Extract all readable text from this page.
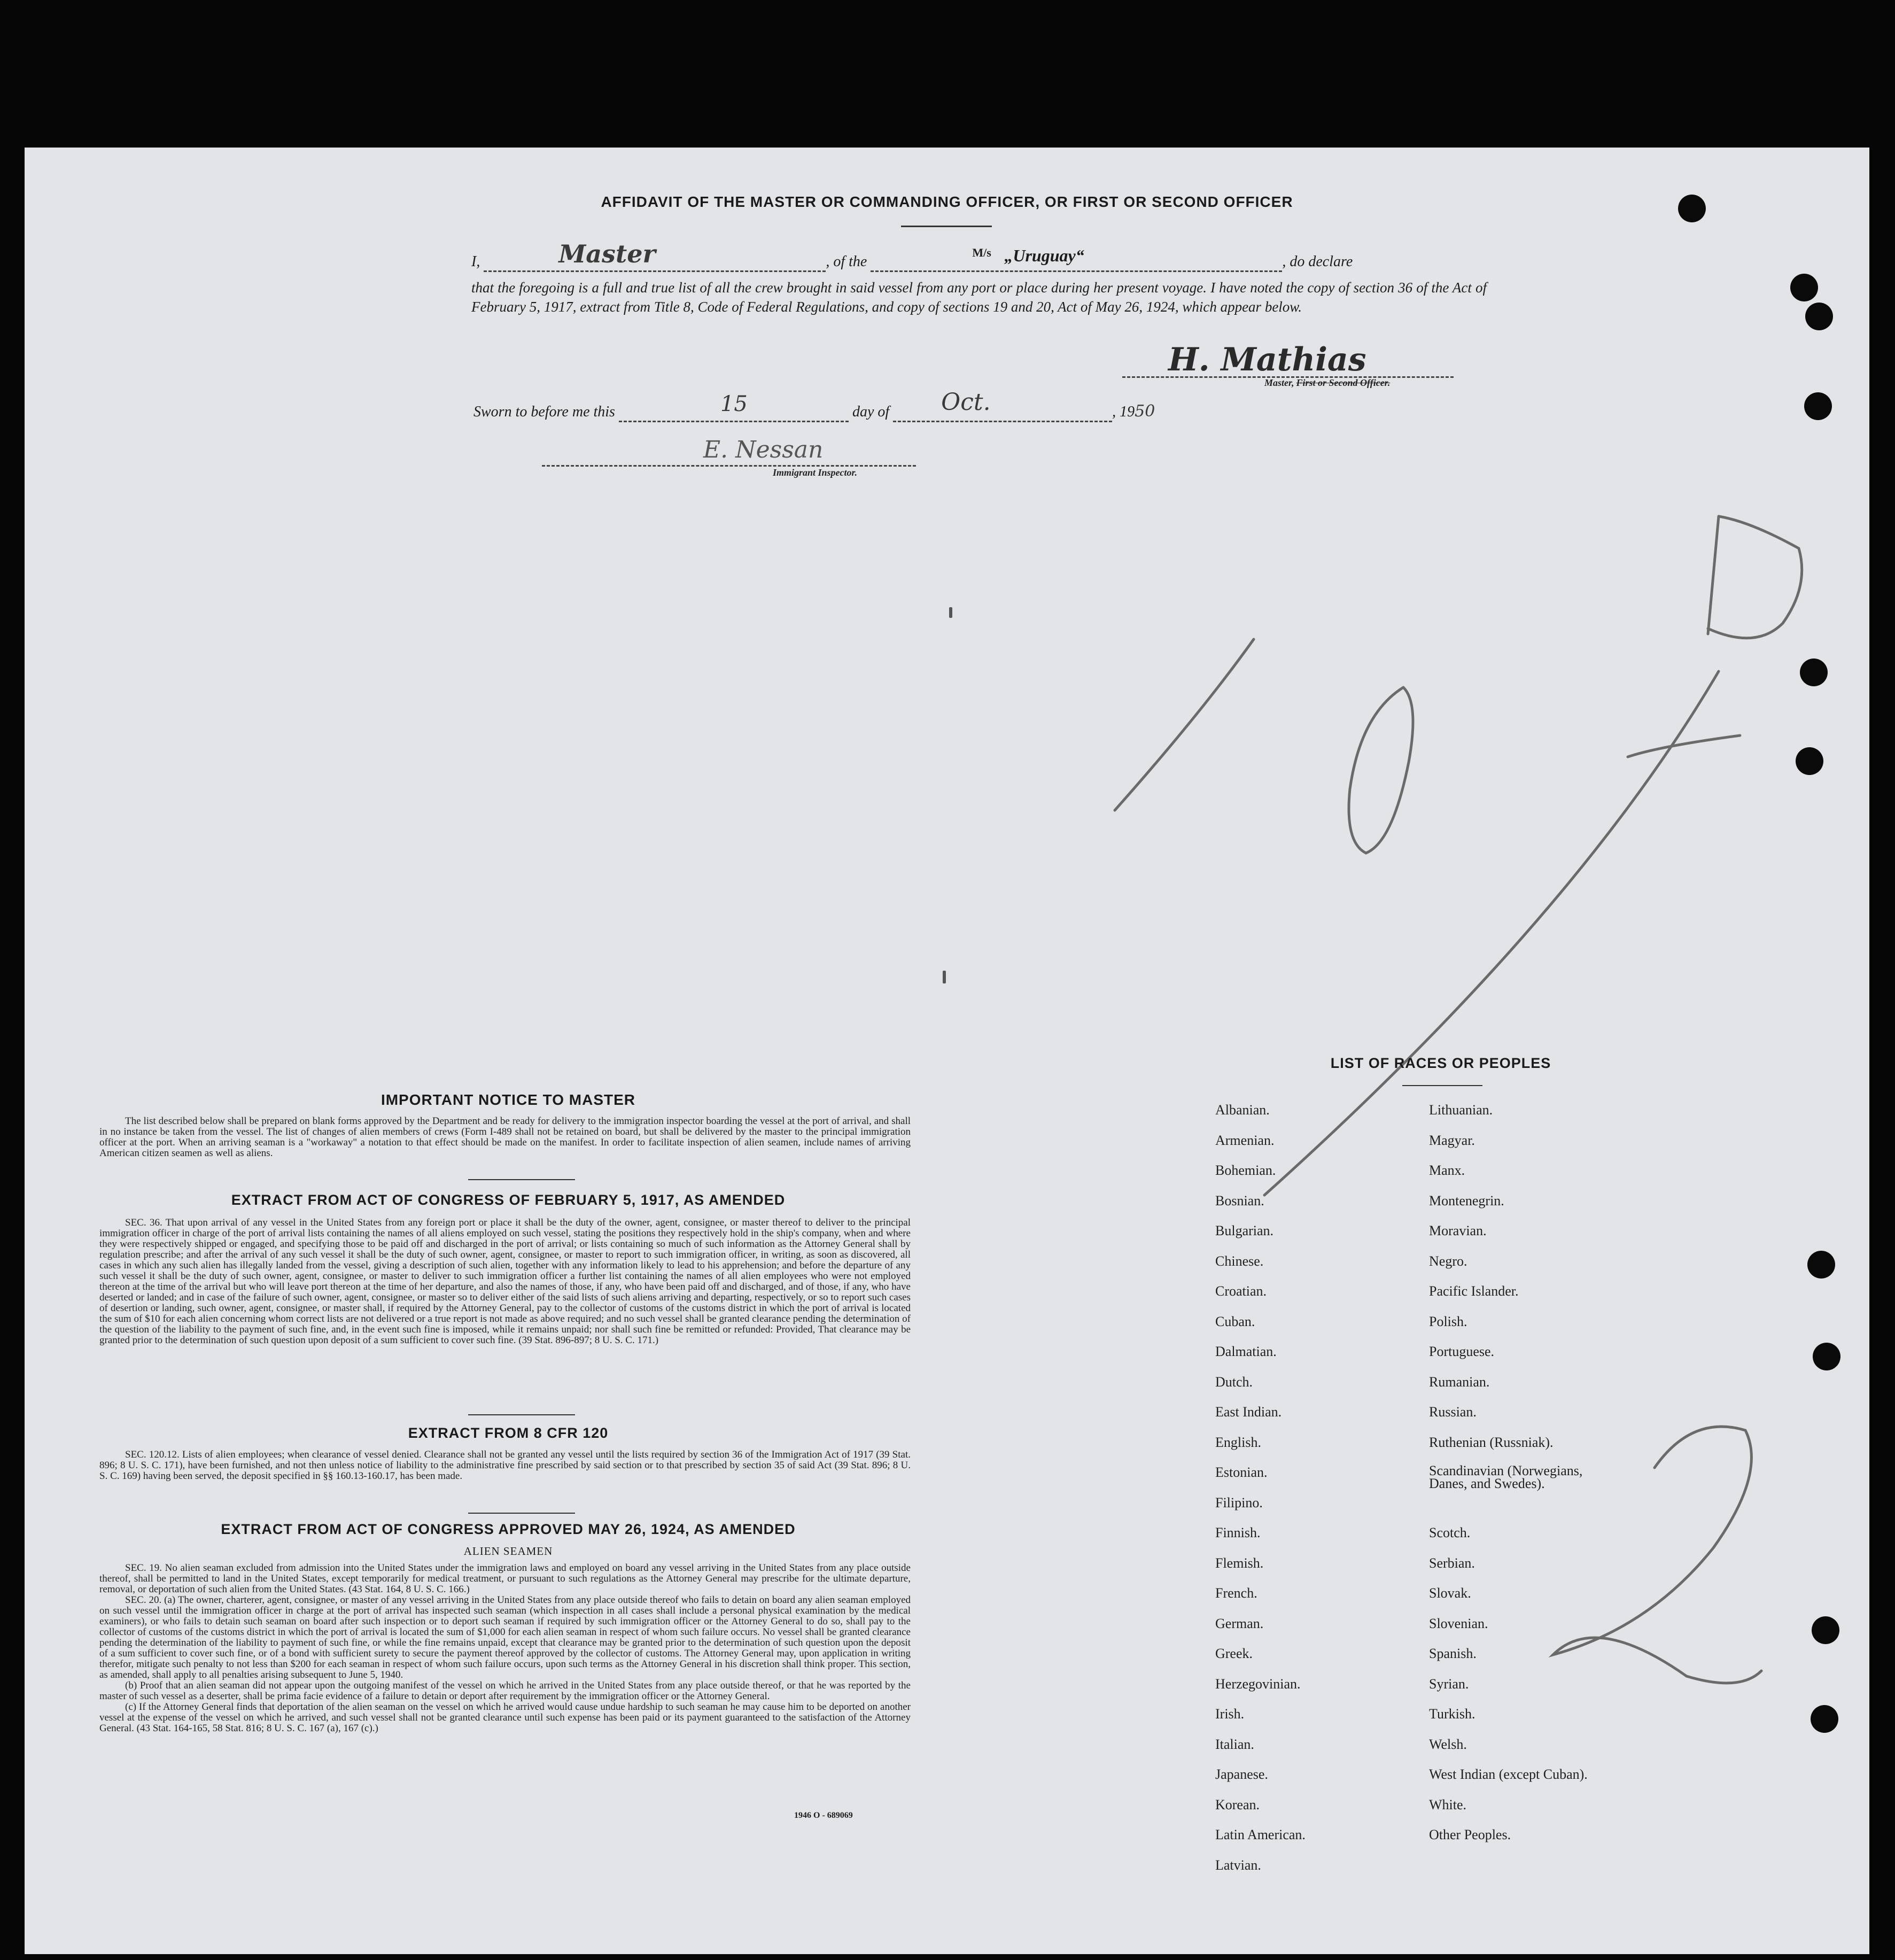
AFFIDAVIT OF THE MASTER OR COMMANDING OFFICER, OR FIRST OR SECOND OFFICER
I,	Master	, of the
M/s „Uruguay“	, do declare
that the foregoing is a full and true list of all the crew brought in said vessel from any port or place during her present voyage. I have noted the copy of section 36 of the Act of February 5, 1917, extract from Title 8, Code of Federal Regulations, and copy of sections 19 and 20, Act of May 26, 1924, which appear below.
H. Mathias
Master, First or Second Officer.
Sworn to before me this	15	day of Oct.	, 1950
E. Nessan
Immigrant Inspector.
IMPORTANT NOTICE TO MASTER

The list described below shall be prepared on blank forms approved by the Department and be ready for delivery to the immigration inspector boarding the vessel at the port of arrival, and shall in no instance be taken from the vessel. The list of changes of alien members of crews (Form I-489 shall not be retained on board, but shall be delivered by the master to the principal immigration officer at the port. When an arriving seaman is a "workaway" a notation to that effect should be made on the manifest. In order to facilitate inspection of alien seamen, include names of arriving American citizen seamen as well as aliens.

EXTRACT FROM ACT OF CONGRESS OF FEBRUARY 5, 1917, AS AMENDED

SEC. 36. That upon arrival of any vessel in the United States from any foreign port or place it shall be the duty of the owner, agent, consignee, or master thereof to deliver to the principal immigration officer in charge of the port of arrival lists containing the names of all aliens employed on such vessel, stating the positions they respectively hold in the ship's company, when and where they were respectively shipped or engaged, and specifying those to be paid off and discharged in the port of arrival; or lists containing so much of such information as the Attorney General shall by regulation prescribe; and after the arrival of any such vessel it shall be the duty of such owner, agent, consignee, or master to report to such immigration officer, in writing, as soon as discovered, all cases in which any such alien has illegally landed from the vessel, giving a description of such alien, together with any information likely to lead to his apprehension; and before the departure of any such vessel it shall be the duty of such owner, agent, consignee, or master to deliver to such immigration officer a further list containing the names of all alien employees who were not employed thereon at the time of the arrival but who will leave port thereon at the time of her departure, and also the names of those, if any, who have been paid off and discharged, and of those, if any, who have deserted or landed; and in case of the failure of such owner, agent, consignee, or master so to deliver either of the said lists of such aliens arriving and departing, respectively, or so to report such cases of desertion or landing, such owner, agent, consignee, or master shall, if required by the Attorney General, pay to the collector of customs of the customs district in which the port of arrival is located the sum of $10 for each alien concerning whom correct lists are not delivered or a true report is not made as above required; and no such vessel shall be granted clearance pending the determination of the question of the liability to the payment of such fine, and, in the event such fine is imposed, while it remains unpaid; nor shall such fine be remitted or refunded: Provided, That clearance may be granted prior to the determination of such question upon deposit of a sum sufficient to cover such fine. (39 Stat. 896-897; 8 U. S. C. 171.)

EXTRACT FROM 8 CFR 120

SEC. 120.12. Lists of alien employees; when clearance of vessel denied. Clearance shall not be granted any vessel until the lists required by section 36 of the Immigration Act of 1917 (39 Stat. 896; 8 U. S. C. 171), have been furnished, and not then unless notice of liability to the administrative fine prescribed by said section or to that prescribed by section 35 of said Act (39 Stat. 896; 8 U. S. C. 169) having been served, the deposit specified in §§ 160.13-160.17, has been made.

EXTRACT FROM ACT OF CONGRESS APPROVED MAY 26, 1924, AS AMENDED
ALIEN SEAMEN

SEC. 19. No alien seaman excluded from admission into the United States under the immigration laws and employed on board any vessel arriving in the United States from any place outside thereof, shall be permitted to land in the United States, except temporarily for medical treatment, or pursuant to such regulations as the Attorney General may prescribe for the ultimate departure, removal, or deportation of such alien from the United States. (43 Stat. 164, 8 U. S. C. 166.)

SEC. 20. (a) The owner, charterer, agent, consignee, or master of any vessel arriving in the United States from any place outside thereof who fails to detain on board any alien seaman employed on such vessel until the immigration officer in charge at the port of arrival has inspected such seaman (which inspection in all cases shall include a personal physical examination by the medical examiners), or who fails to detain such seaman on board after such inspection or to deport such seaman if required by such immigration officer or the Attorney General to do so, shall pay to the collector of customs of the customs district in which the port of arrival is located the sum of $1,000 for each alien seaman in respect of whom such failure occurs. No vessel shall be granted clearance pending the determination of the liability to payment of such fine, or while the fine remains unpaid, except that clearance may be granted prior to the determination of such question upon the deposit of a sum sufficient to cover such fine, or of a bond with sufficient surety to secure the payment thereof approved by the collector of customs. The Attorney General may, upon application in writing therefor, mitigate such penalty to not less than $200 for each seaman in respect of whom such failure occurs, upon such terms as the Attorney General in his discretion shall think proper. This section, as amended, shall apply to all penalties arising subsequent to June 5, 1940.

(b) Proof that an alien seaman did not appear upon the outgoing manifest of the vessel on which he arrived in the United States from any place outside thereof, or that he was reported by the master of such vessel as a deserter, shall be prima facie evidence of a failure to detain or deport after requirement by the immigration officer or the Attorney General.

(c) If the Attorney General finds that deportation of the alien seaman on the vessel on which he arrived would cause undue hardship to such seaman he may cause him to be deported on another vessel at the expense of the vessel on which he arrived, and such vessel shall not be granted clearance until such expense has been paid or its payment guaranteed to the satisfaction of the Attorney General. (43 Stat. 164-165, 58 Stat. 816; 8 U. S. C. 167 (a), 167 (c).)

1946 O - 689069
LIST OF RACES OR PEOPLES
Albanian.
Armenian.
Bohemian.
Bosnian.
Bulgarian.
Chinese.
Croatian.
Cuban.
Dalmatian.
Dutch.
East Indian.
English.
Estonian.
Filipino.
Finnish.
Flemish.
French.
German.
Greek.
Herzegovinian.
Irish.
Italian.
Japanese.
Korean.
Latin American.
Latvian.
Lithuanian.
Magyar.
Manx.
Montenegrin.
Moravian.
Negro.
Pacific Islander.
Polish.
Portuguese.
Rumanian.
Russian.
Ruthenian (Russniak).
Scandinavian (Norwegians, Danes, and Swedes).
Scotch.
Serbian.
Slovak.
Slovenian.
Spanish.
Syrian.
Turkish.
Welsh.
West Indian (except Cuban).
White.
Other Peoples.
